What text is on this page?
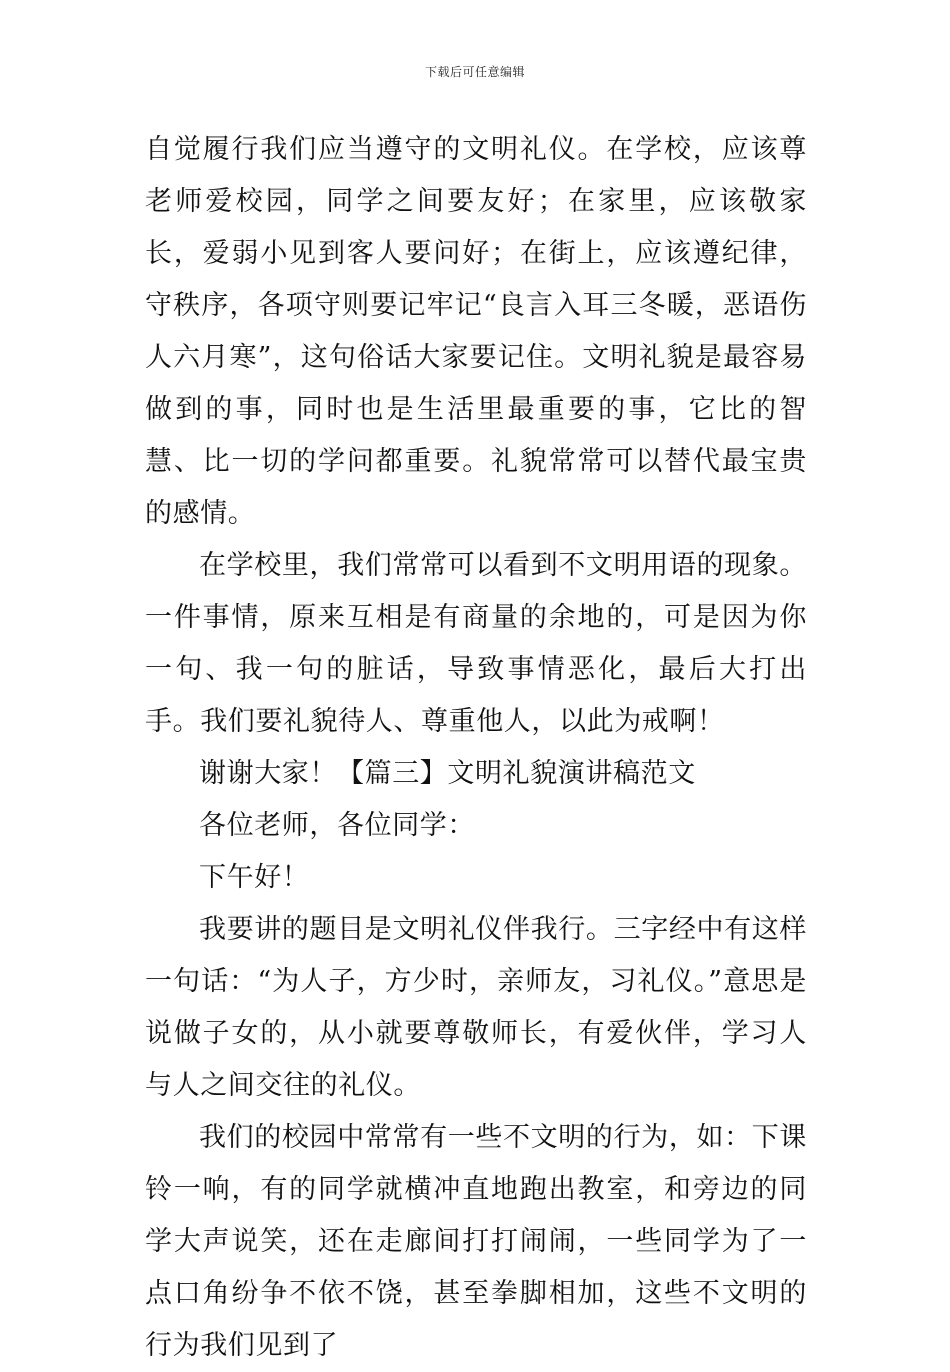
下载后可任意编辑

自觉履行我们应当遵守的文明礼仪。在学校，应该尊老师爱校园，同学之间要友好；在家里，应该敬家长，爱弱小见到客人要问好；在街上，应该遵纪律，守秩序，各项守则要记牢记“良言入耳三冬暖，恶语伤人六月寒”，这句俗话大家要记住。文明礼貌是最容易做到的事，同时也是生活里最重要的事，它比的智慧、比一切的学问都重要。礼貌常常可以替代最宝贵的感情。

在学校里，我们常常可以看到不文明用语的现象。一件事情，原来互相是有商量的余地的，可是因为你一句、我一句的脏话，导致事情恶化，最后大打出手。我们要礼貌待人、尊重他人，以此为戒啊！

谢谢大家！【篇三】文明礼貌演讲稿范文

各位老师，各位同学：

下午好！

我要讲的题目是文明礼仪伴我行。三字经中有这样一句话：“为人子，方少时，亲师友，习礼仪。”意思是说做子女的，从小就要尊敬师长，有爱伙伴，学习人与人之间交往的礼仪。

我们的校园中常常有一些不文明的行为，如：下课铃一响，有的同学就横冲直地跑出教室，和旁边的同学大声说笑，还在走廊间打打闹闹，一些同学为了一点口角纷争不依不饶，甚至拳脚相加，这些不文明的行为我们见到了
